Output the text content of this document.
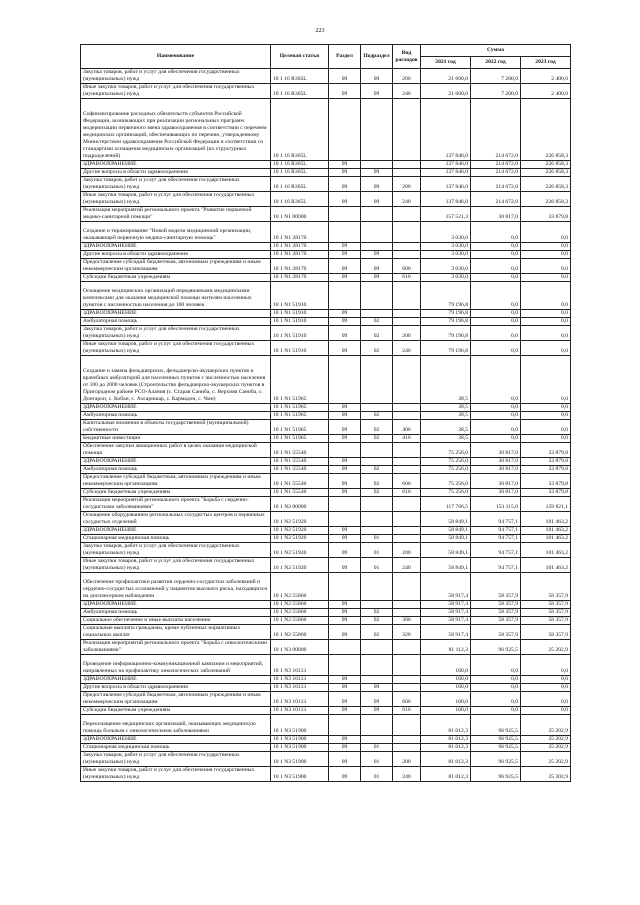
223
Наименование	Целевая статья	Раздел	Подраздел	Вид расходов	Сумма		
					2021 год	2022 год	2023 год
Закупка товаров, работ и услуг для обеспечения государственных (муниципальных) нужд	10 1 16 R365L	09	09	200	21 600,0	7 200,0	2 400,0
Иные закупки товаров, работ и услуг для обеспечения государственных (муниципальных) нужд	10 1 16 R365L	09	09	240	21 600,0	7 200,0	2 400,0
Софинансирование расходных обязательств субъектов Российской Федерации, возникающих при реализации региональных программ модернизации первичного звена здравоохранения в соответствии с перечнем медицинских организаций, обеспечивающих по перечню, утвержденному Министерством здравоохранения Российской Федерации в соответствии со стандартами оснащения медицинских организаций (их структурных подразделений)	10 1 16 R365L				137 846,0	214 672,0	226 858,3
ЗДРАВООХРАНЕНИЕ	10 1 16 R365L	09			137 846,0	214 672,0	226 858,3
Другие вопросы в области здравоохранения	10 1 16 R365L	09	09		137 846,0	214 672,0	226 858,3
Закупка товаров, работ и услуг для обеспечения государственных (муниципальных) нужд	10 1 16 R365L	09	09	200	137 846,0	214 672,0	226 858,3
Иные закупки товаров, работ и услуг для обеспечения государственных (муниципальных) нужд	10 1 16 R365L	09	09	240	137 846,0	214 672,0	226 858,3
Реализация мероприятий регионального проекта "Развитие первичной медико-санитарной помощи"	10 1 N1 00000				157 521,3	30 817,0	33 879,8
Создание и тиражирование "Новой модели медицинской организации, оказывающей первичную медико-санитарную помощь"	10 1 N1 28170				3 030,0	0,0	0,0
ЗДРАВООХРАНЕНИЕ	10 1 N1 28170	09			3 030,0	0,0	0,0
Другие вопросы в области здравоохранения	10 1 N1 28170	09	09		3 030,0	0,0	0,0
Предоставление субсидий бюджетным, автономным учреждениям и иным некоммерческим организациям	10 1 N1 28170	09	09	600	3 030,0	0,0	0,0
Субсидии бюджетным учреждениям	10 1 N1 28170	09	09	610	3 030,0	0,0	0,0
Оснащение медицинских организаций передвижными медицинскими комплексами для оказания медицинской помощи жителям населенных пунктов с численностью населения до 100 человек	10 1 N1 51910				79 196,8	0,0	0,0
ЗДРАВООХРАНЕНИЕ	10 1 N1 51910	09			79 196,8	0,0	0,0
Амбулаторная помощь	10 1 N1 51910	09	02		79 196,8	0,0	0,0
Закупка товаров, работ и услуг для обеспечения государственных (муниципальных) нужд	10 1 N1 51910	09	02	200	79 196,8	0,0	0,0
Иные закупки товаров, работ и услуг для обеспечения государственных (муниципальных) нужд	10 1 N1 51910	09	02	240	79 196,8	0,0	0,0
Создание и замена фельдшерских, фельдшерско-акушерских пунктов и врачебных амбулаторий для населенных пунктов с численностью населения от 100 до 2000 человек (Строительство фельдшерско-акушерских пунктов в Пригородном районе РСО-Алания (с. Старая Саниба, с. Верхняя Саниба, с. Донгарон, с. Кобан, с. Ахсаришар, с. Кармадон, с. Чми)	10 1 N1 51965				38,5	0,0	0,0
ЗДРАВООХРАНЕНИЕ	10 1 N1 51965	09			38,5	0,0	0,0
Амбулаторная помощь	10 1 N1 51965	09	02		38,5	0,0	0,0
Капитальные вложения в объекты государственной (муниципальной) собственности	10 1 N1 51965	09	02	400	38,5	0,0	0,0
Бюджетные инвестиции	10 1 N1 51965	09	02	410	38,5	0,0	0,0
Обеспечение закупки авиационных работ в целях оказания медицинской помощи	10 1 N1 55540				75 256,0	30 817,0	33 879,8
ЗДРАВООХРАНЕНИЕ	10 1 N1 55540	09			75 256,0	30 817,0	33 879,8
Амбулаторная помощь	10 1 N1 55540	09	02		75 256,0	30 817,0	33 879,8
Предоставление субсидий бюджетным, автономным учреждениям и иным некоммерческим организациям	10 1 N1 55540	09	02	600	75 256,0	30 817,0	33 879,8
Субсидии бюджетным учреждениям	10 1 N1 55540	09	02	610	75 256,0	30 817,0	33 879,8
Реализация мероприятий регионального проекта "Борьба с сердечно-сосудистыми заболеваниями"	10 1 N2 00000				117 766,5	153 115,0	159 821,1
Оснащение оборудованием региональных сосудистых центров и первичных сосудистых отделений	10 1 N2 51920				58 849,1	94 757,1	101 463,2
ЗДРАВООХРАНЕНИЕ	10 1 N2 51920	09			58 849,1	94 757,1	101 463,2
Стационарная медицинская помощь	10 1 N2 51920	09	01		58 849,1	94 757,1	101 463,2
Закупка товаров, работ и услуг для обеспечения государственных (муниципальных) нужд	10 1 N2 51920	09	01	200	58 849,1	94 757,1	101 463,2
Иные закупки товаров, работ и услуг для обеспечения государственных (муниципальных) нужд	10 1 N2 51920	09	01	240	58 849,1	94 757,1	101 463,2
Обеспечение профилактики развития сердечно-сосудистых заболеваний и сердечно-сосудистых осложнений у пациентов высокого риска, находящихся на диспансерном наблюдении	10 1 N2 55860				58 917,4	58 357,9	58 357,9
ЗДРАВООХРАНЕНИЕ	10 1 N2 55860	09			58 917,4	58 357,9	58 357,9
Амбулаторная помощь	10 1 N2 55860	09	02		58 917,4	58 357,9	58 357,9
Социальное обеспечение и иные выплаты населению	10 1 N2 55860	09	02	300	58 917,4	58 357,9	58 357,9
Социальные выплаты гражданам, кроме публичных нормативных социальных выплат	10 1 N2 55860	09	02	320	58 917,4	58 357,9	58 357,9
Реализация мероприятий регионального проекта "Борьба с онкологическими заболеваниями"	10 1 N3 00000				81 112,3	96 925,5	25 202,9
Проведение информационно-коммуникационной кампании и мероприятий, направленных на профилактику онкологических заболеваний	10 1 N3 10113				100,0	0,0	0,0
ЗДРАВООХРАНЕНИЕ	10 1 N3 10113	09			100,0	0,0	0,0
Другие вопросы в области здравоохранения	10 1 N3 10113	09	09		100,0	0,0	0,0
Предоставление субсидий бюджетным, автономным учреждениям и иным некоммерческим организациям	10 1 N3 10113	09	09	600	100,0	0,0	0,0
Субсидии бюджетным учреждениям	10 1 N3 10113	09	09	610	100,0	0,0	0,0
Переоснащение медицинских организаций, оказывающих медицинскую помощь больным с онкологическими заболеваниями	10 1 N3 51900				81 012,3	96 925,5	25 202,9
ЗДРАВООХРАНЕНИЕ	10 1 N3 51900	09			81 012,3	96 925,5	25 202,9
Стационарная медицинская помощь	10 1 N3 51900	09	01		81 012,3	96 925,5	25 202,9
Закупка товаров, работ и услуг для обеспечения государственных (муниципальных) нужд	10 1 N3 51900	09	01	200	81 012,3	96 925,5	25 202,9
Иные закупки товаров, работ и услуг для обеспечения государственных (муниципальных) нужд	10 1 N3 51900	09	01	240	81 012,3	96 925,5	25 202,9
